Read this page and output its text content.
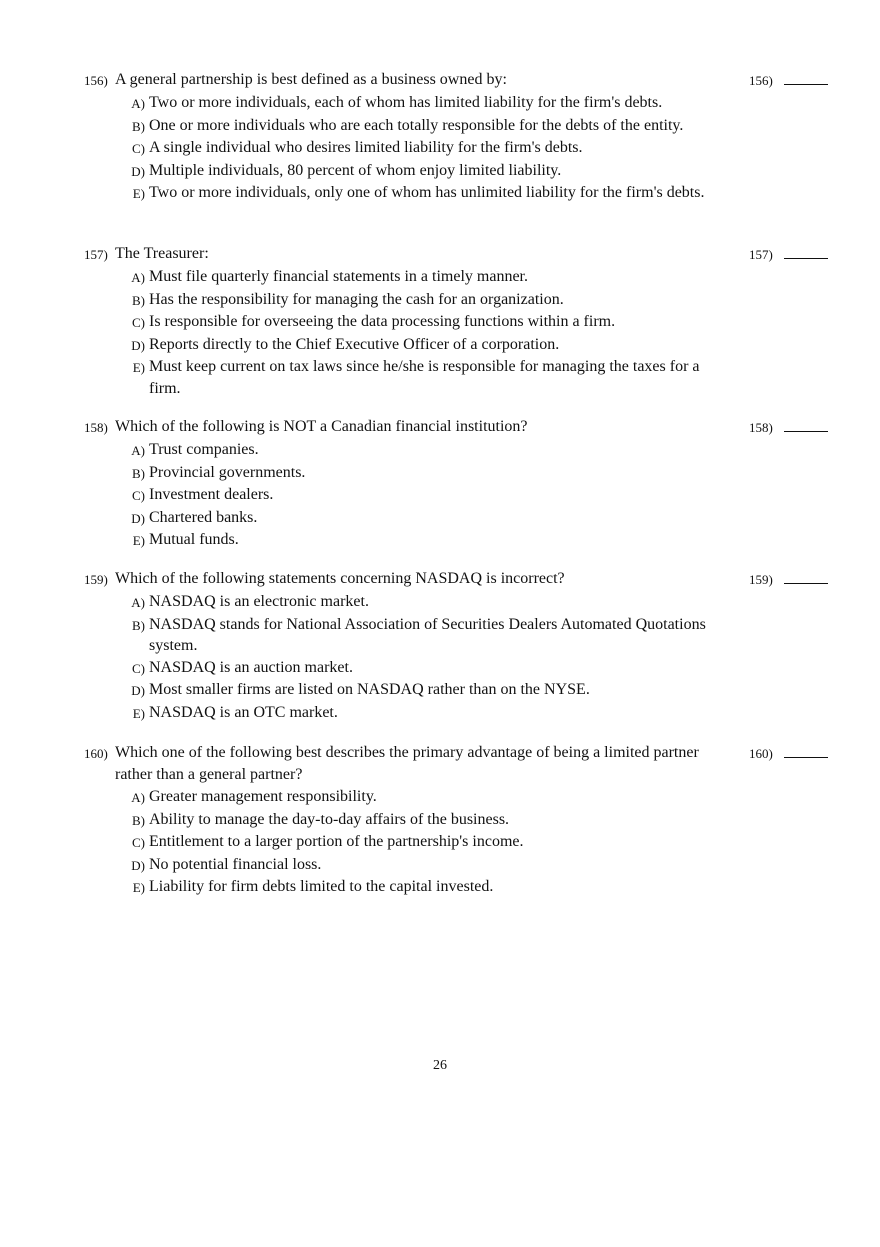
156) A general partnership is best defined as a business owned by:	156)
A) Two or more individuals, each of whom has limited liability for the firm's debts.
B) One or more individuals who are each totally responsible for the debts of the entity.
C) A single individual who desires limited liability for the firm's debts.
D) Multiple individuals, 80 percent of whom enjoy limited liability.
E) Two or more individuals, only one of whom has unlimited liability for the firm's debts.
157) The Treasurer:	157)
A) Must file quarterly financial statements in a timely manner.
B) Has the responsibility for managing the cash for an organization.
C) Is responsible for overseeing the data processing functions within a firm.
D) Reports directly to the Chief Executive Officer of a corporation.
E) Must keep current on tax laws since he/she is responsible for managing the taxes for a firm.
158) Which of the following is NOT a Canadian financial institution?	158)
A) Trust companies.
B) Provincial governments.
C) Investment dealers.
D) Chartered banks.
E) Mutual funds.
159) Which of the following statements concerning NASDAQ is incorrect?	159)
A) NASDAQ is an electronic market.
B) NASDAQ stands for National Association of Securities Dealers Automated Quotations system.
C) NASDAQ is an auction market.
D) Most smaller firms are listed on NASDAQ rather than on the NYSE.
E) NASDAQ is an OTC market.
160) Which one of the following best describes the primary advantage of being a limited partner rather than a general partner?
160)
A) Greater management responsibility.
B) Ability to manage the day-to-day affairs of the business.
C) Entitlement to a larger portion of the partnership's income.
D) No potential financial loss.
E) Liability for firm debts limited to the capital invested.
26
